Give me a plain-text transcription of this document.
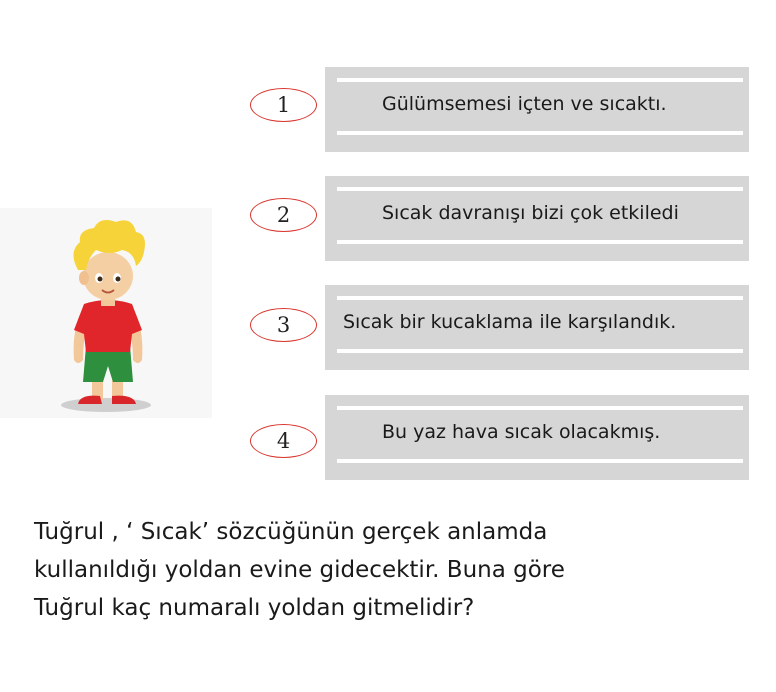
1	Gülümsemesi içten ve sıcaktı.
2	Sıcak davranışı bizi çok etkiledi
3	Sıcak bir kucaklama ile karşılandık.
4	Bu yaz hava sıcak olacakmış.
Tuğrul , ‘ Sıcak’ sözcüğünün gerçek anlamda
kullanıldığı yoldan evine gidecektir. Buna göre
Tuğrul kaç numaralı yoldan gitmelidir?
